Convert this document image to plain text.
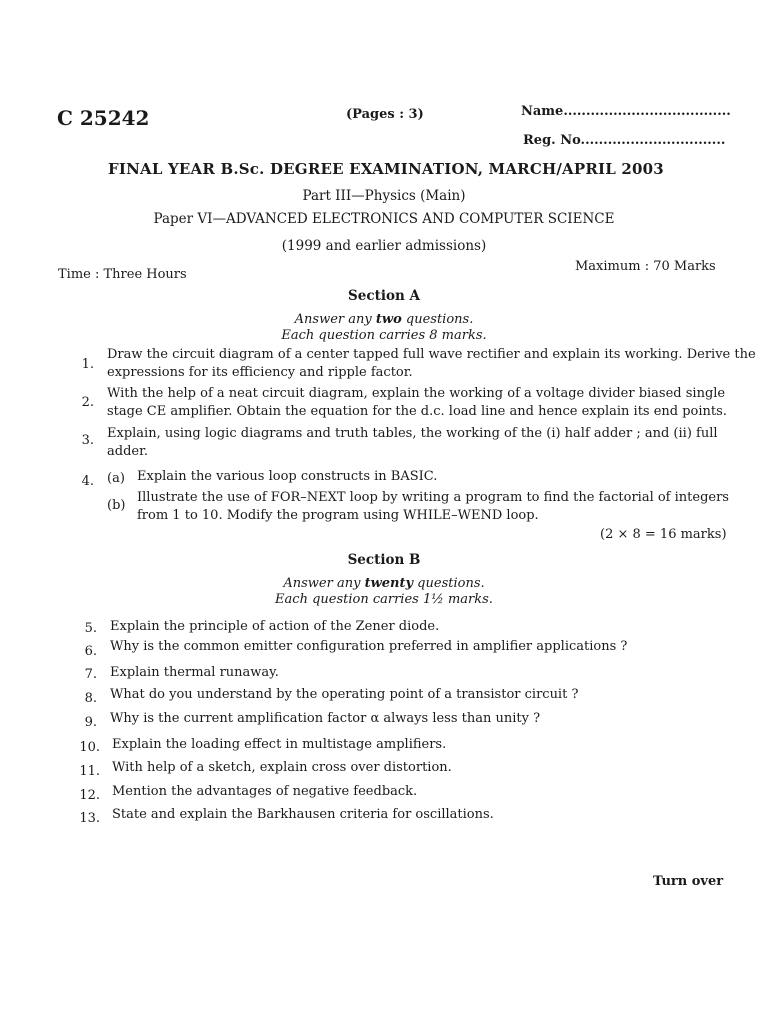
C 25242	(Pages : 3)	Name.....................................
Reg. No................................
FINAL YEAR B.Sc. DEGREE EXAMINATION, MARCH/APRIL 2003
Part III—Physics (Main)
Paper VI—ADVANCED ELECTRONICS AND COMPUTER SCIENCE
(1999 and earlier admissions)
Time : Three Hours
Maximum : 70 Marks
Section A
Answer any two questions.
Each question carries 8 marks.
1.
Draw the circuit diagram of a center tapped full wave rectifier and explain its working. Derive the
expressions for its efficiency and ripple factor.
2.
With the help of a neat circuit diagram, explain the working of a voltage divider biased single
stage CE amplifier. Obtain the equation for the d.c. load line and hence explain its end points.
3. Explain, using logic diagrams and truth tables, the working of the (i) half adder ; and (ii) full
adder.
4. (a) Explain the various loop constructs in BASIC.
(b)
Illustrate the use of FOR–NEXT loop by writing a program to find the factorial of integers
from 1 to 10. Modify the program using WHILE–WEND loop.
(2 × 8 = 16 marks)
Section B
Answer any twenty questions.
Each question carries 1½ marks.
5. Explain the principle of action of the Zener diode.
6. Why is the common emitter configuration preferred in amplifier applications ?
7. Explain thermal runaway.
8. What do you understand by the operating point of a transistor circuit ?
9. Why is the current amplification factor α always less than unity ?
10. Explain the loading effect in multistage amplifiers.
11. With help of a sketch, explain cross over distortion.
12. Mention the advantages of negative feedback.
13. State and explain the Barkhausen criteria for oscillations.
Turn over
